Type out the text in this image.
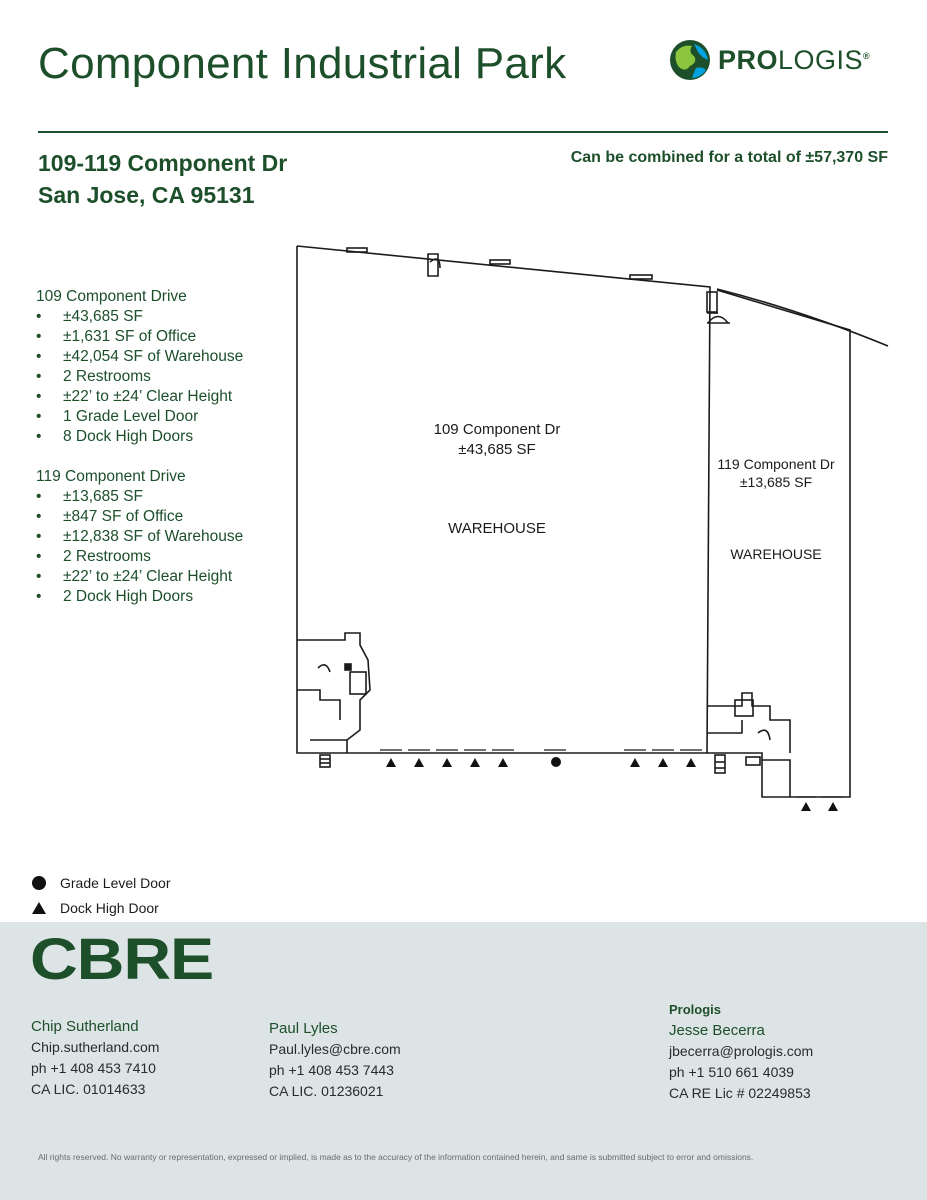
Component Industrial Park	PROLOGIS®
109-119 Component Dr
San Jose, CA 95131
Can be combined for a total of ±57,370 SF

109 Component Drive

• ±43,685 SF
• ±1,631 SF of Office
• ±42,054 SF of Warehouse
• 2 Restrooms
• ±22’ to ±24’ Clear Height
• 1 Grade Level Door
• 8 Dock High Doors

119 Component Drive

• ±13,685 SF
• ±847 SF of Office
• ±12,838 SF of Warehouse
• 2 Restrooms
• ±22’ to ±24’ Clear Height
• 2 Dock High Doors
109 Component Dr
±43,685 SF
WAREHOUSE
119 Component Dr
±13,685 SF
WAREHOUSE
Grade Level Door
Dock High Door
CBRE
Chip Sutherland
Chip.sutherland.com
ph +1 408 453 7410
CA LIC. 01014633
Paul Lyles
Paul.lyles@cbre.com
ph +1 408 453 7443
CA LIC. 01236021
Prologis
Jesse Becerra
jbecerra@prologis.com
ph +1 510 661 4039
CA RE Lic # 02249853
All rights reserved. No warranty or representation, expressed or implied, is made as to the accuracy of the information contained herein, and same is submitted subject to error and omissions.
